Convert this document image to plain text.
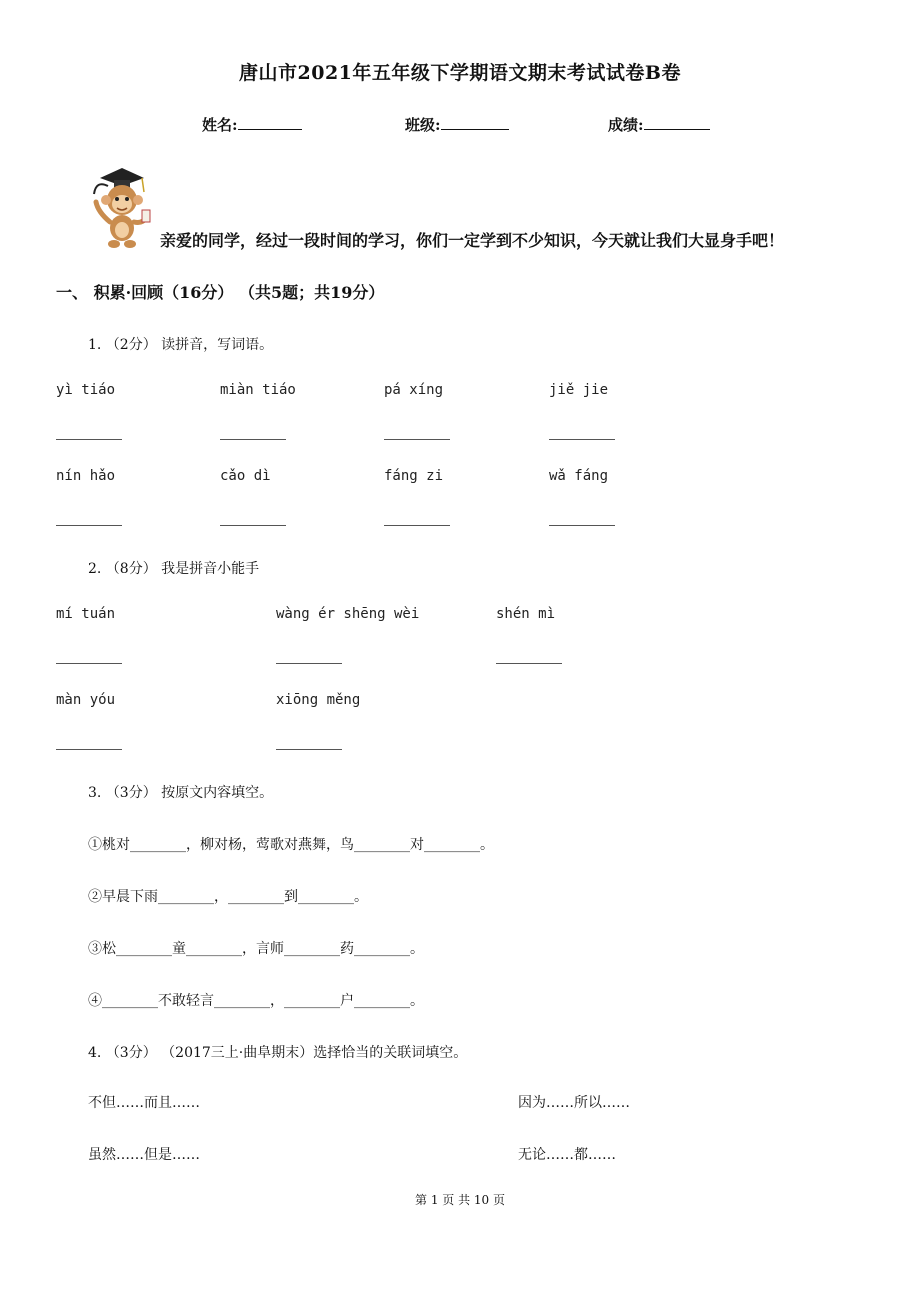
唐山市2021年五年级下学期语文期末考试试卷B卷
姓名:	班级:	成绩:
亲爱的同学，经过一段时间的学习，你们一定学到不少知识，今天就让我们大显身手吧！
一、 积累·回顾（16分） （共5题；共19分）
1. （2分） 读拼音，写词语。
yì tiáo	miàn tiáo	pá xíng	jiě jie
nín hǎo	cǎo dì	fáng zi	wǎ fáng
2. （8分） 我是拼音小能手
mí tuán	wàng ér shēng wèi	shén mì
màn yóu	xiōng měng
3. （3分） 按原文内容填空。
①桃对________，柳对杨，莺歌对燕舞，鸟________对________。
②早晨下雨________，________到________。
③松________童________，言师________药________。
④________不敢轻言________，________户________。
4. （3分） （2017三上·曲阜期末）选择恰当的关联词填空。
不但……而且……	因为……所以……
虽然……但是……	无论……都……
第 1 页 共 10 页
